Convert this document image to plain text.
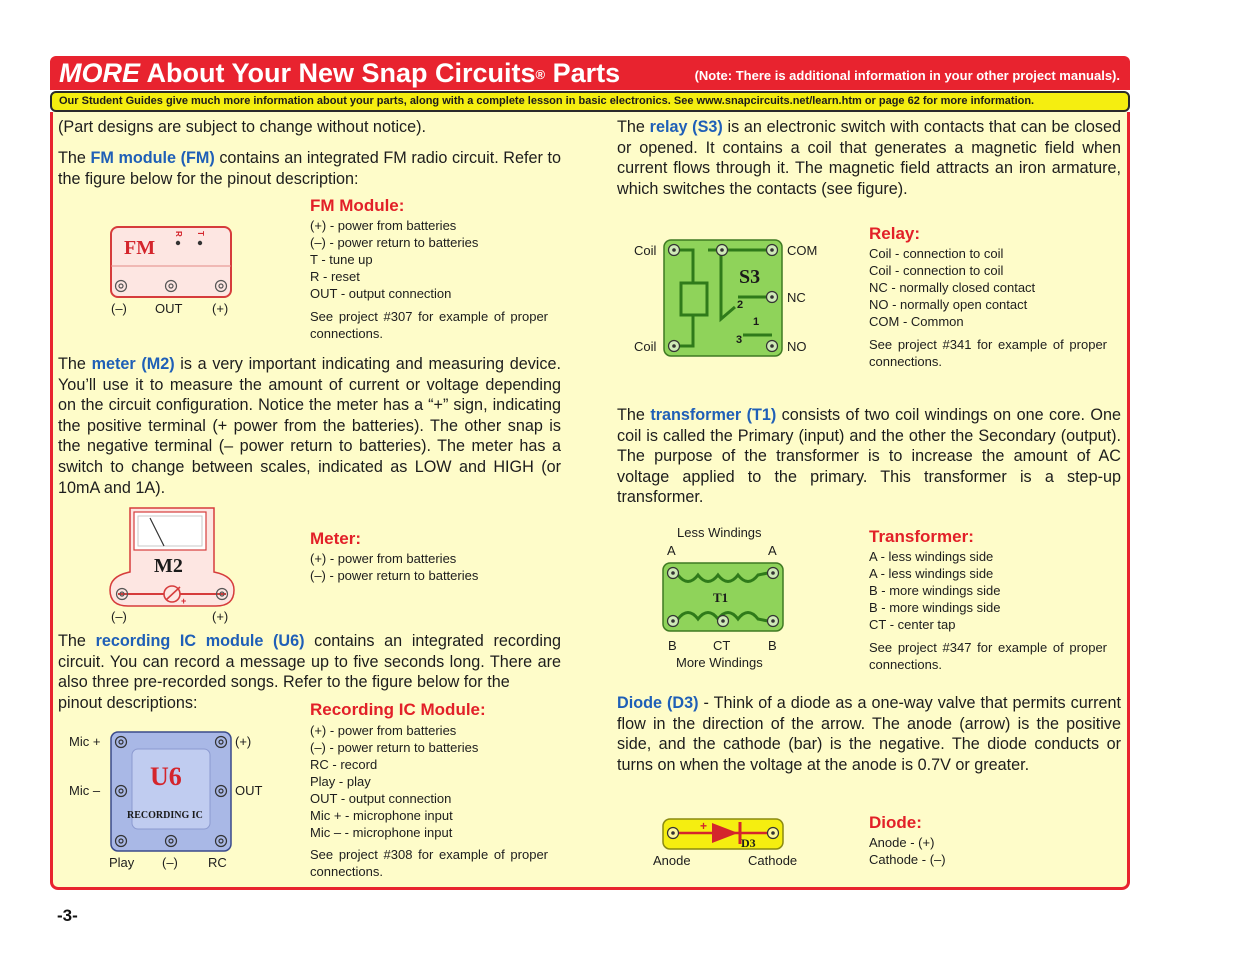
MORE About Your New Snap Circuits® Parts	(Note: There is additional information in your other project manuals).
Our Student Guides give much more information about your parts, along with a complete lesson in basic electronics. See www.snapcircuits.net/learn.htm or page 62 for more information.
(Part designs are subject to change without notice).
The FM module (FM) contains an integrated FM radio circuit. Refer to the figure below for the pinout description:
FM
R T
(–) OUT (+)
FM Module:
(+) - power from batteries
(–) - power return to batteries
T - tune up
R - reset
OUT - output connection
See project #307 for example of proper connections.
The meter (M2) is a very important indicating and measuring device. You’ll use it to measure the amount of current or voltage depending on the circuit configuration. Notice the meter has a “+” sign, indicating the positive terminal (+ power from the batteries). The other snap is the negative terminal (– power return to batteries). The meter has a switch to change between scales, indicated as LOW and HIGH (or 10mA and 1A).
M2
+
(–)	(+)
Meter:
(+) - power from batteries
(–) - power return to batteries
The recording IC module (U6) contains an integrated recording circuit. You can record a message up to five seconds long. There are also three pre-recorded songs. Refer to the figure below for the
pinout descriptions:
U6
RECORDING IC
Mic +
Mic –
(+)
OUT
Play (–) RC
Recording IC Module:
(+) - power from batteries
(–) - power return to batteries
RC - record
Play - play
OUT - output connection
Mic + - microphone input
Mic – - microphone input
See project #308 for example of proper connections.
The relay (S3) is an electronic switch with contacts that can be closed or opened. It contains a coil that generates a magnetic field when current flows through it. The magnetic field attracts an iron armature, which switches the contacts (see figure).
S3
2
1
3
Coil
Coil
COM
NC
NO
Relay:
Coil - connection to coil
Coil - connection to coil
NC - normally closed contact
NO - normally open contact
COM - Common
See project #341 for example of proper connections.
The transformer (T1) consists of two coil windings on one core. One coil is called the Primary (input) and the other the Secondary (output). The purpose of the transformer is to increase the amount of AC voltage applied to the primary. This transformer is a step-up transformer.
Less Windings
A	A
T1
B	CT	B
More Windings
Transformer:
A - less windings side
A - less windings side
B - more windings side
B - more windings side
CT - center tap
See project #347 for example of proper connections.
Diode (D3) - Think of a diode as a one-way valve that permits current flow in the direction of the arrow. The anode (arrow) is the positive side, and the cathode (bar) is the negative. The diode conducts or turns on when the voltage at the anode is 0.7V or greater.
+
D3
Anode	Cathode
Diode:
Anode - (+)
Cathode - (–)
-3-
